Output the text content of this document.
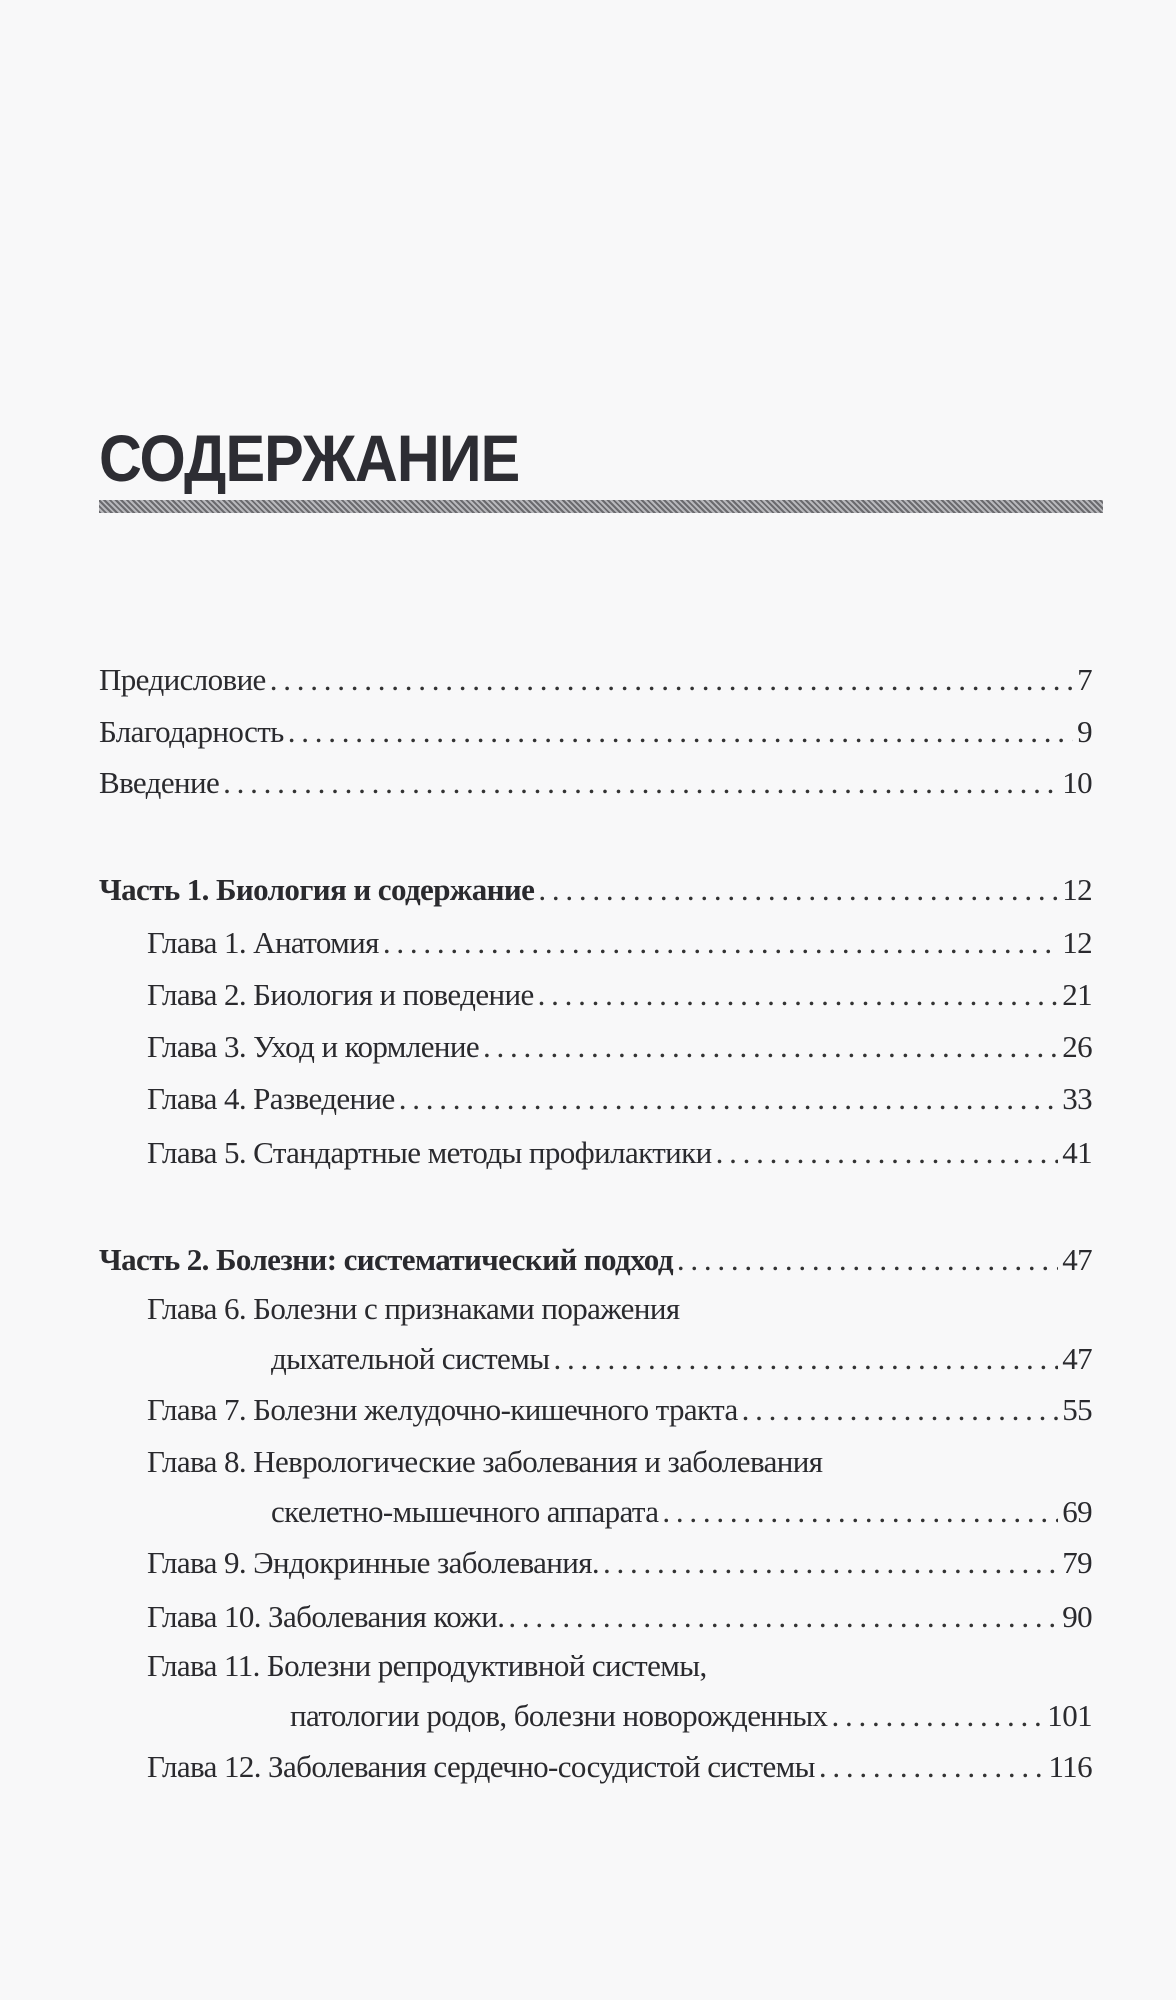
СОДЕРЖАНИЕ
Предисловие . . .	7
Благодарность . . .	9
Введение . . .	10
Часть 1. Биология и содержание . . .	12
Глава 1. Анатомия . . .	12
Глава 2. Биология и поведение . . .	21
Глава 3. Уход и кормление . . .	26
Глава 4. Разведение . . .	33
Глава 5. Стандартные методы профилактики . . .	41
Часть 2. Болезни: систематический подход . . .	47
Глава 6. Болезни с признаками поражения
дыхательной системы . . .	47
Глава 7. Болезни желудочно-кишечного тракта . . .	55
Глава 8. Неврологические заболевания и заболевания
скелетно-мышечного аппарата . . .	69
Глава 9. Эндокринные заболевания. . . .	79
Глава 10. Заболевания кожи. . . .	90
Глава 11. Болезни репродуктивной системы,
патологии родов, болезни новорожденных . . .	101
Глава 12. Заболевания сердечно-сосудистой системы . . .	116
